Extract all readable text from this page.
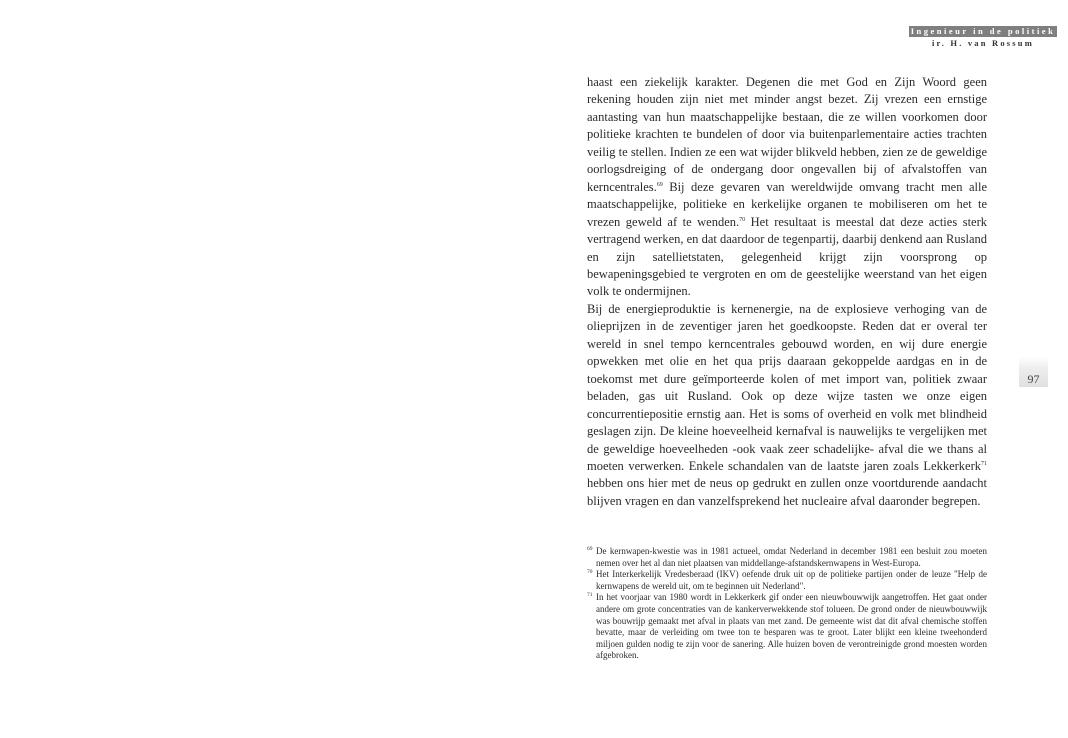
Ingenieur in de politiek
ir. H. van Rossum
97

haast een ziekelijk karakter. Degenen die met God en Zijn Woord geen rekening houden zijn niet met minder angst bezet. Zij vrezen een ernstige aantasting van hun maatschappelijke bestaan, die ze willen voorkomen door politieke krachten te bundelen of door via buitenparlementaire acties trachten veilig te stellen. Indien ze een wat wijder blikveld hebben, zien ze de geweldige oorlogsdreiging of de ondergang door ongevallen bij of afvalstoffen van kerncentrales.$^{69}$ Bij deze gevaren van wereldwijde omvang tracht men alle maatschappelijke, politieke en kerkelijke organen te mobiliseren om het te vrezen geweld af te wenden.$^{70}$ Het resultaat is meestal dat deze acties sterk vertragend werken, en dat daardoor de tegenpartij, daarbij denkend aan Rusland en zijn satellietstaten, gelegenheid krijgt zijn voorsprong op bewapeningsgebied te vergroten en om de geestelijke weerstand van het eigen volk te ondermijnen.

Bij de energieproduktie is kernenergie, na de explosieve verhoging van de olieprijzen in de zeventiger jaren het goedkoopste. Reden dat er overal ter wereld in snel tempo kerncentrales gebouwd worden, en wij dure energie opwekken met olie en het qua prijs daaraan gekoppelde aardgas en in de toekomst met dure geïmporteerde kolen of met import van, politiek zwaar beladen, gas uit Rusland. Ook op deze wijze tasten we onze eigen concurrentiepositie ernstig aan. Het is soms of overheid en volk met blindheid geslagen zijn. De kleine hoeveelheid kernafval is nauwelijks te vergelijken met de geweldige hoeveelheden -ook vaak zeer schadelijke- afval die we thans al moeten verwerken. Enkele schandalen van de laatste jaren zoals Lekkerkerk$^{71}$ hebben ons hier met de neus op gedrukt en zullen onze voortdurende aandacht blijven vragen en dan vanzelfsprekend het nucleaire afval daaronder begrepen.

69 De kernwapen-kwestie was in 1981 actueel, omdat Nederland in december 1981 een besluit zou moeten nemen over het al dan niet plaatsen van middellange-afstandskernwapens in West-Europa.

70 Het Interkerkelijk Vredesberaad (IKV) oefende druk uit op de politieke partijen onder de leuze "Help de kernwapens de wereld uit, om te beginnen uit Nederland".

71 In het voorjaar van 1980 wordt in Lekkerkerk gif onder een nieuwbouwwijk aangetroffen. Het gaat onder andere om grote concentraties van de kankerverwekkende stof tolueen. De grond onder de nieuwbouwwijk was bouwrijp gemaakt met afval in plaats van met zand. De gemeente wist dat dit afval chemische stoffen bevatte, maar de verleiding om twee ton te besparen was te groot. Later blijkt een kleine tweehonderd miljoen gulden nodig te zijn voor de sanering. Alle huizen boven de verontreinigde grond moesten worden afgebroken.
